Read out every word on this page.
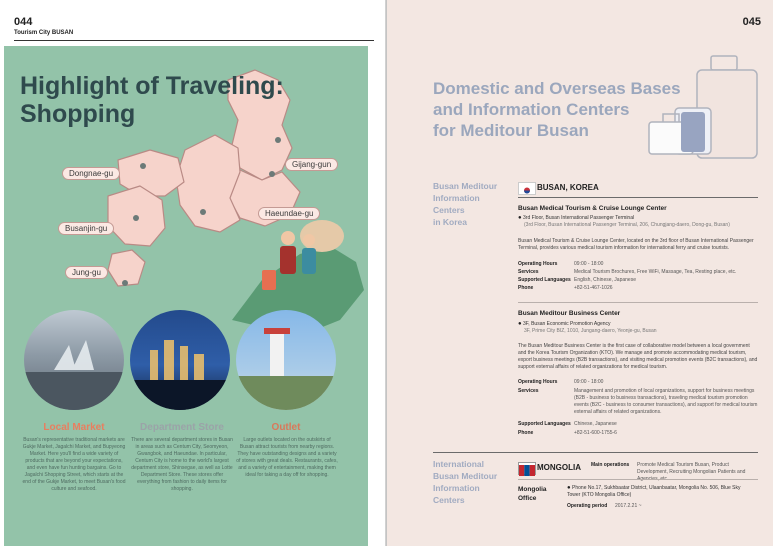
044
Tourism City BUSAN
Highlight of Traveling:
Shopping
Dongnae-gu
Gijang-gun
Busanjin-gu
Haeundae-gu
Jung-gu
Local Market	Department Store	Outlet
Busan's representative traditional markets are Gukje Market, Jagalchi Market, and Bupyeong Market. Here you'll find a wide variety of products that are beyond your expectations, and even have fun hunting bargains. Go to Jagalchi Shopping Street, which starts at the end of the Gukje Market, to meet Busan's food culture and seafood.
There are several department stores in Busan in areas such as Centum City, Seomyeon, Gwangbok, and Haeundae. In particular, Centum City is home to the world's largest department store, Shinsegae, as well as Lotte Department Store. These stores offer everything from fashion to daily items for shopping.
Large outlets located on the outskirts of Busan attract tourists from nearby regions. They have outstanding designs and a variety of stores with great deals. Restaurants, cafes, and a variety of entertainment, making them ideal for taking a day off for shopping.
045
Domestic and Overseas Bases
and Information Centers
for Meditour Busan
Busan Meditour
Information
Centers
in Korea
BUSAN, KOREA
Busan Medical Tourism & Cruise Lounge Center
● 3rd Floor, Busan International Passenger Terminal
(3rd Floor, Busan International Passenger Terminal, 206, Chungjang-daero, Dong-gu, Busan)
Busan Medical Tourism & Cruise Lounge Center, located on the 3rd floor of Busan International Passenger Terminal, provides various medical tourism information for international ferry and cruise tourists.
Operating Hours	09:00 - 18:00
Services	Medical Tourism Brochures, Free WiFi, Massage, Tea, Resting place, etc.
Supported Languages English, Chinese, Japanese
Phone	+82-51-467-1026
Busan Meditour Business Center
● 3F, Busan Economic Promotion Agency
3F, Prime City BIZ, 1010, Jungang-daero, Yeonje-gu, Busan
The Busan Meditour Business Center is the first case of collaborative model between a local government and the Korea Tourism Organization (KTO). We manage and promote accommodating medical tourism, export business meetings (B2B transactions), and visiting medical promotion events (B2C transactions), and support external affairs of related organizations for medical tourism.
Operating Hours	09:00 - 18:00
Services	Management and promotion of local organizations, support for business meetings (B2B - business to business transactions), traveling medical tourism promotion events (B2C - business to consumer transactions), and support for medical tourism external affairs of related organizations.
Supported Languages Chinese, Japanese
Phone	+82-51-600-1755-6
International
Busan Meditour
Information
Centers
MONGOLIA Main operations Promote Medical Tourism Busan, Product Development, Recruiting Mongolian Patients and
Mongolia Office
● Phone No.17, Sukhbaatar District, Ulaanbaatar, Mongolia No. 506, Blue Sky Tower (KTO Mongolia Office)
Operating period 2017.2.21 ~
